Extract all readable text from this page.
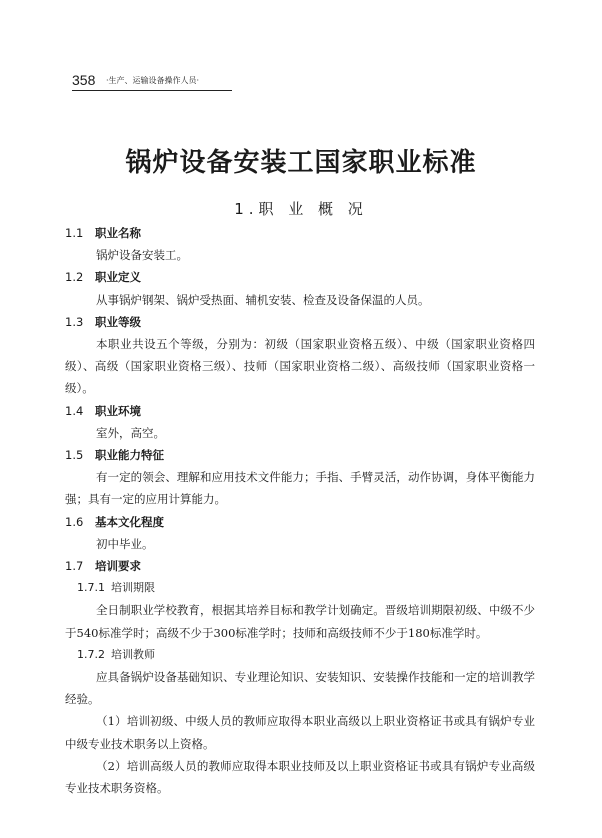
358 ·生产、运输设备操作人员·
锅炉设备安装工国家职业标准
1.职 业 概 况
1.1 职业名称

锅炉设备安装工。

1.2 职业定义

从事锅炉钢架、锅炉受热面、辅机安装、检查及设备保温的人员。

1.3 职业等级

本职业共设五个等级，分别为：初级（国家职业资格五级）、中级（国家职业资格四级）、高级（国家职业资格三级）、技师（国家职业资格二级）、高级技师（国家职业资格一级）。

1.4 职业环境

室外，高空。

1.5 职业能力特征

有一定的领会、理解和应用技术文件能力；手指、手臂灵活，动作协调，身体平衡能力强；具有一定的应用计算能力。

1.6 基本文化程度

初中毕业。

1.7 培训要求
1.7.1 培训期限

全日制职业学校教育，根据其培养目标和教学计划确定。晋级培训期限初级、中级不少于540标准学时；高级不少于300标准学时；技师和高级技师不少于180标准学时。

1.7.2 培训教师

应具备锅炉设备基础知识、专业理论知识、安装知识、安装操作技能和一定的培训教学经验。

（1）培训初级、中级人员的教师应取得本职业高级以上职业资格证书或具有锅炉专业中级专业技术职务以上资格。

（2）培训高级人员的教师应取得本职业技师及以上职业资格证书或具有锅炉专业高级专业技术职务资格。
